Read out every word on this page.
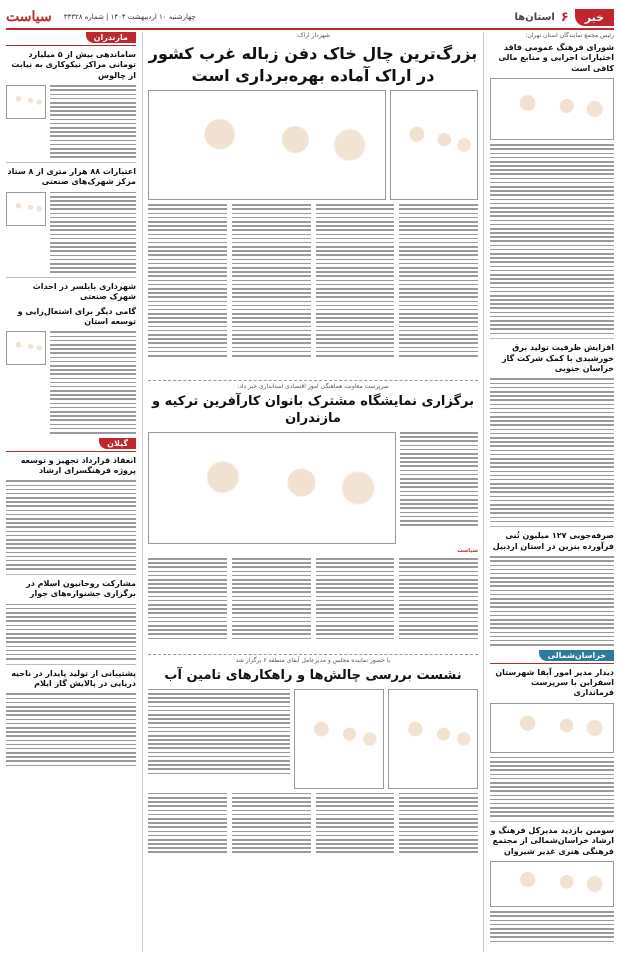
خبر
۶
استان‌ها
چهارشنبه ۱۰ اردیبهشت ۱۴۰۴ | شماره ۳۴۳۲۸
سیاست
رئیس مجمع نمایندگان استان تهران:
شورای فرهنگ عمومی فاقد اختیارات اجرایی و منابع مالی کافی است
افزایش ظرفیت تولید برق خورشیدی با کمک شرکت گاز خراسان جنوبی
صرفه‌جویی ۱۲۷ میلیون تُنی فرآورده بنزین در استان اردبیل
خراسان‌شمالی
دیدار مدیر امور آبفا شهرستان اسفراین با سرپرست فرمانداری
سومین بازدید مدیرکل فرهنگ و ارشاد خراسان‌شمالی از مجتمع فرهنگی هنری غدیر شیروان
شهردار اراک:
بزرگ‌ترین چال خاک دفن زباله غرب کشور در اراک آماده بهره‌برداری است
سرپرست معاونت هماهنگی امور اقتصادی استانداری خبر داد:
برگزاری نمایشگاه مشترک بانوان کارآفرین ترکیه و مازندران
سیاست
با حضور نماینده مجلس و مدیرعامل آبفای منطقه ۶ برگزار شد
نشست بررسی چالش‌ها و راهکارهای تامین آب
مازندران
ساماندهی بیش از ۵ میلیارد تومانی مراکز نیکوکاری به نیابت از چالوس
اعتبارات ۸۸ هزار متری از ۸ ستاد مرکز شهرک‌های صنعتی
شهرداری بابلسر در احداث شهرک صنعتی
گامی دیگر برای اشتغال‌زایی و توسعه استان
گیلان
انعقاد قرارداد تجهیز و توسعه پروژه فرهنگسرای ارشاد
مشارکت روحانیون اسلام در برگزاری جشنواره‌های جوار
پشتیبانی از تولید پایدار در ناحیه دریایی در پالایش گاز ایلام
